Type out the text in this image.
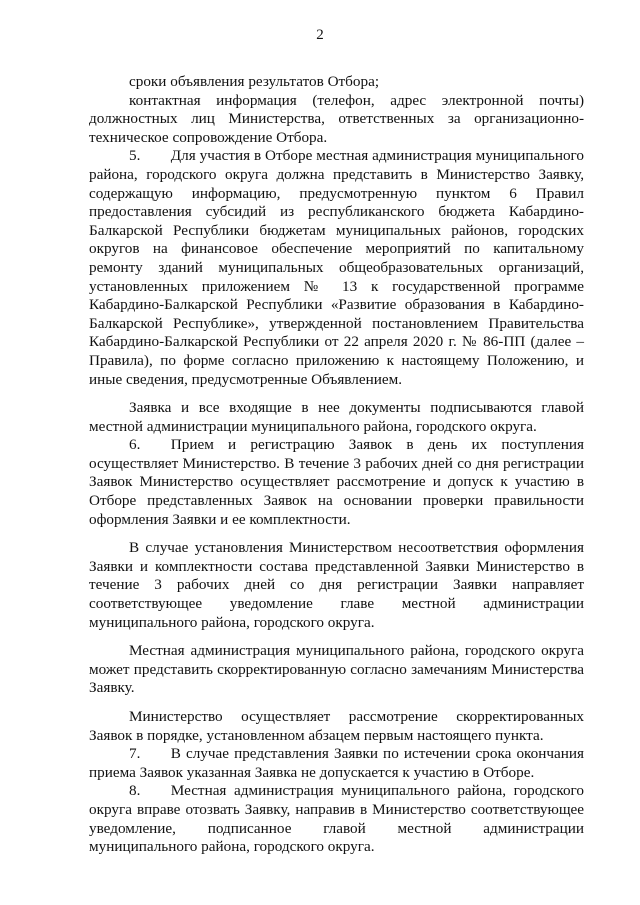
2

сроки объявления результатов Отбора;

контактная информация (телефон, адрес электронной почты) должностных лиц Министерства, ответственных за организационно-техническое сопровождение Отбора.

5.  Для участия в Отборе местная администрация муниципального района, городского округа должна представить в Министерство Заявку, содержащую информацию, предусмотренную пунктом 6 Правил предоставления субсидий из республиканского бюджета Кабардино-Балкарской Республики бюджетам муниципальных районов, городских округов на финансовое обеспечение мероприятий по капитальному ремонту зданий муниципальных общеобразовательных организаций, установленных приложением № 13 к государственной программе Кабардино-Балкарской Республики «Развитие образования в Кабардино-Балкарской Республике», утвержденной постановлением Правительства Кабардино-Балкарской Республики от 22 апреля 2020 г. № 86-ПП (далее – Правила), по форме согласно приложению к настоящему Положению, и иные сведения, предусмотренные Объявлением.

Заявка и все входящие в нее документы подписываются главой местной администрации муниципального района, городского округа.

6.  Прием и регистрацию Заявок в день их поступления осуществляет Министерство. В течение 3 рабочих дней со дня регистрации Заявок Министерство осуществляет рассмотрение и допуск к участию в Отборе представленных Заявок на основании проверки правильности оформления Заявки и ее комплектности.

В случае установления Министерством несоответствия оформления Заявки и комплектности состава представленной Заявки Министерство в течение 3 рабочих дней со дня регистрации Заявки направляет соответствующее уведомление главе местной администрации муниципального района, городского округа.

Местная администрация муниципального района, городского округа может представить скорректированную согласно замечаниям Министерства Заявку.

Министерство осуществляет рассмотрение скорректированных Заявок в порядке, установленном абзацем первым настоящего пункта.

7.  В случае представления Заявки по истечении срока окончания приема Заявок указанная Заявка не допускается к участию в Отборе.

8.  Местная администрация муниципального района, городского округа вправе отозвать Заявку, направив в Министерство соответствующее уведомление, подписанное главой местной администрации муниципального района, городского округа.
